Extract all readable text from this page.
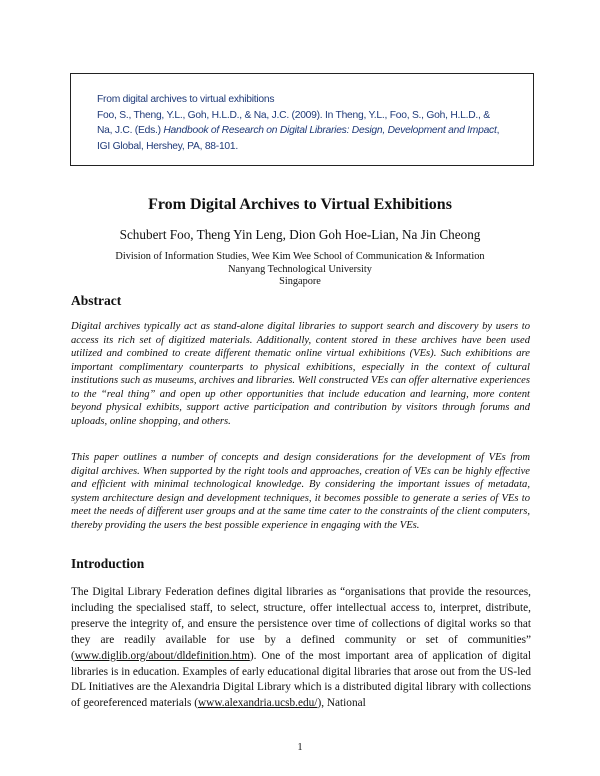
From digital archives to virtual exhibitions
Foo, S., Theng, Y.L., Goh, H.L.D., & Na, J.C. (2009). In Theng, Y.L., Foo, S., Goh, H.L.D., &
Na, J.C. (Eds.) Handbook of Research on Digital Libraries: Design, Development and Impact,
IGI Global, Hershey, PA, 88-101.
From Digital Archives to Virtual Exhibitions
Schubert Foo, Theng Yin Leng, Dion Goh Hoe-Lian, Na Jin Cheong
Division of Information Studies, Wee Kim Wee School of Communication & Information
Nanyang Technological University
Singapore
Abstract

Digital archives typically act as stand-alone digital libraries to support search and discovery by users to access its rich set of digitized materials. Additionally, content stored in these archives have been used utilized and combined to create different thematic online virtual exhibitions (VEs). Such exhibitions are important complimentary counterparts to physical exhibitions, especially in the context of cultural institutions such as museums, archives and libraries. Well constructed VEs can offer alternative experiences to the “real thing” and open up other opportunities that include education and learning, more content beyond physical exhibits, support active participation and contribution by visitors through forums and uploads, online shopping, and others.

This paper outlines a number of concepts and design considerations for the development of VEs from digital archives. When supported by the right tools and approaches, creation of VEs can be highly effective and efficient with minimal technological knowledge. By considering the important issues of metadata, system architecture design and development techniques, it becomes possible to generate a series of VEs to meet the needs of different user groups and at the same time cater to the constraints of the client computers, thereby providing the users the best possible experience in engaging with the VEs.

Introduction

The Digital Library Federation defines digital libraries as “organisations that provide the resources, including the specialised staff, to select, structure, offer intellectual access to, interpret, distribute, preserve the integrity of, and ensure the persistence over time of collections of digital works so that they are readily available for use by a defined community or set of communities” (www.diglib.org/about/dldefinition.htm). One of the most important area of application of digital libraries is in education. Examples of early educational digital libraries that arose out from the US-led DL Initiatives are the Alexandria Digital Library which is a distributed digital library with collections of georeferenced materials (www.alexandria.ucsb.edu/), National

1
